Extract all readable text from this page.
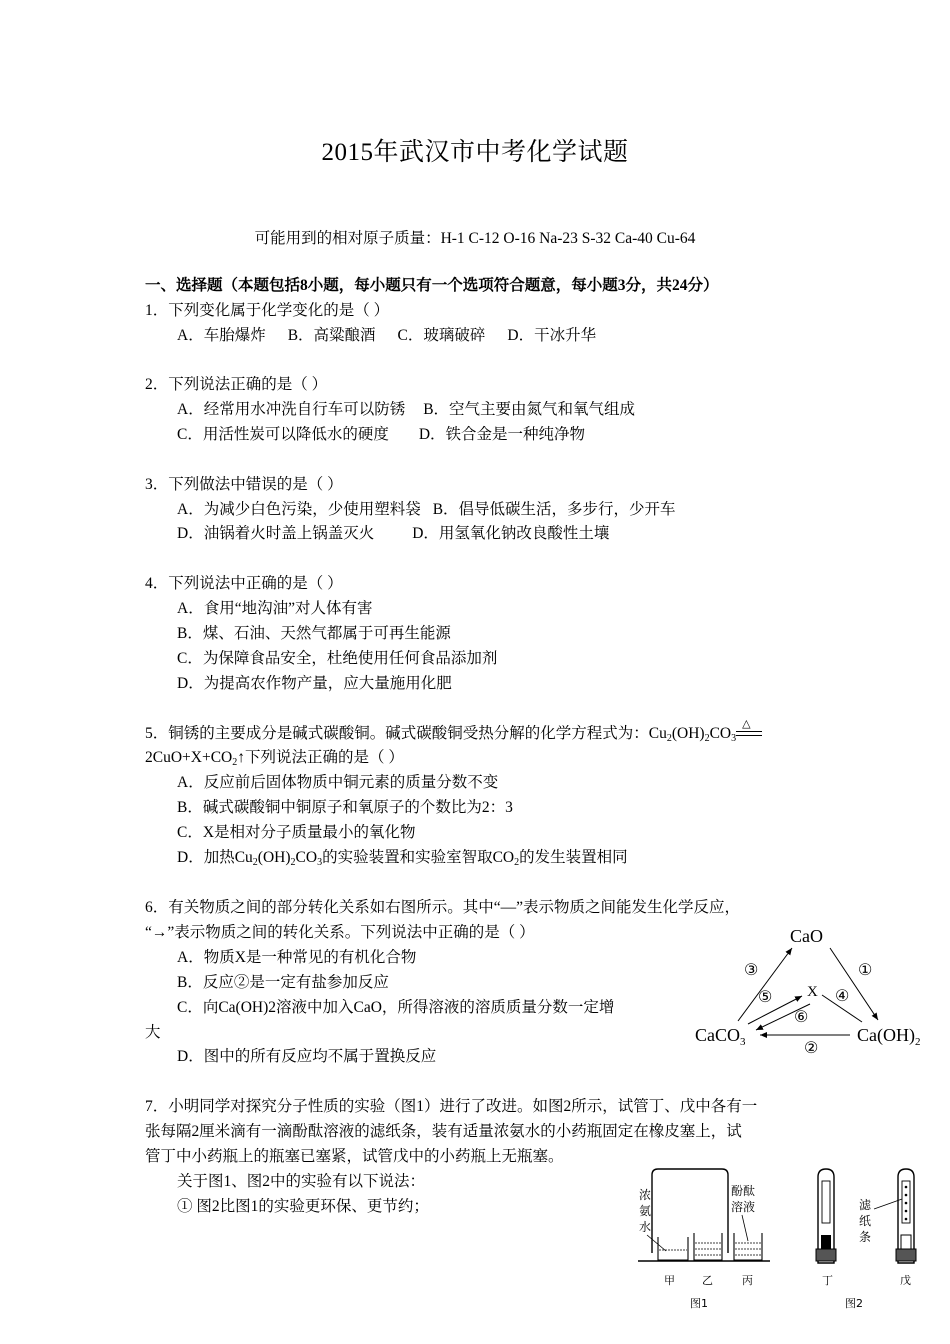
2015年武汉市中考化学试题
可能用到的相对原子质量：H-1 C-12 O-16 Na-23 S-32 Ca-40 Cu-64
一、选择题（本题包括8小题，每小题只有一个选项符合题意，每小题3分，共24分）
1．下列变化属于化学变化的是（ ）
A．车胎爆炸 B．高粱酿酒 C．玻璃破碎 D．干冰升华
2．下列说法正确的是（ ）
A．经常用水冲洗自行车可以防锈 B．空气主要由氮气和氧气组成
C．用活性炭可以降低水的硬度 D．铁合金是一种纯净物
3．下列做法中错误的是（ ）
A．为减少白色污染，少使用塑料袋 B．倡导低碳生活，多步行，少开车
D．油锅着火时盖上锅盖灭火 D．用氢氧化钠改良酸性土壤
4．下列说法中正确的是（ ）
A．食用“地沟油”对人体有害
B．煤、石油、天然气都属于可再生能源
C．为保障食品安全，杜绝使用任何食品添加剂
D．为提高农作物产量，应大量施用化肥
5．铜锈的主要成分是碱式碳酸铜。碱式碳酸铜受热分解的化学方程式为：$Cu_2(OH)_2CO_3$
△
$2CuO+X+CO_2↑$下列说法正确的是（ ）
A．反应前后固体物质中铜元素的质量分数不变
B．碱式碳酸铜中铜原子和氧原子的个数比为2：3
C．X是相对分子质量最小的氧化物
D．加热$Cu_2(OH)_2CO_3$的实验装置和实验室智取$CO_2$的发生装置相同
6．有关物质之间的部分转化关系如右图所示。其中“—”表示物质之间能发生化学反应，
“→”表示物质之间的转化关系。下列说法中正确的是（ ）
A．物质X是一种常见的有机化合物
B．反应②是一定有盐参加反应
C．向Ca(OH)2溶液中加入CaO，所得溶液的溶质质量分数一定增
大
D．图中的所有反应均不属于置换反应
CaO
CaCO$_3$	$Ca(OH)_2$
X
③	①
②
⑤
⑥
④
7．小明同学对探究分子性质的实验（图1）进行了改进。如图2所示，试管丁、戊中各有一
张每隔2厘米滴有一滴酚酞溶液的滤纸条，装有适量浓氨水的小药瓶固定在橡皮塞上，试
管丁中小药瓶上的瓶塞已塞紧，试管戊中的小药瓶上无瓶塞。
关于图1、图2中的实验有以下说法：
① 图2比图1的实验更环保、更节约；
浓
氨
水
酚酞
溶液
甲 乙	丙
图1
滤
纸
条
丁	戊
图2
